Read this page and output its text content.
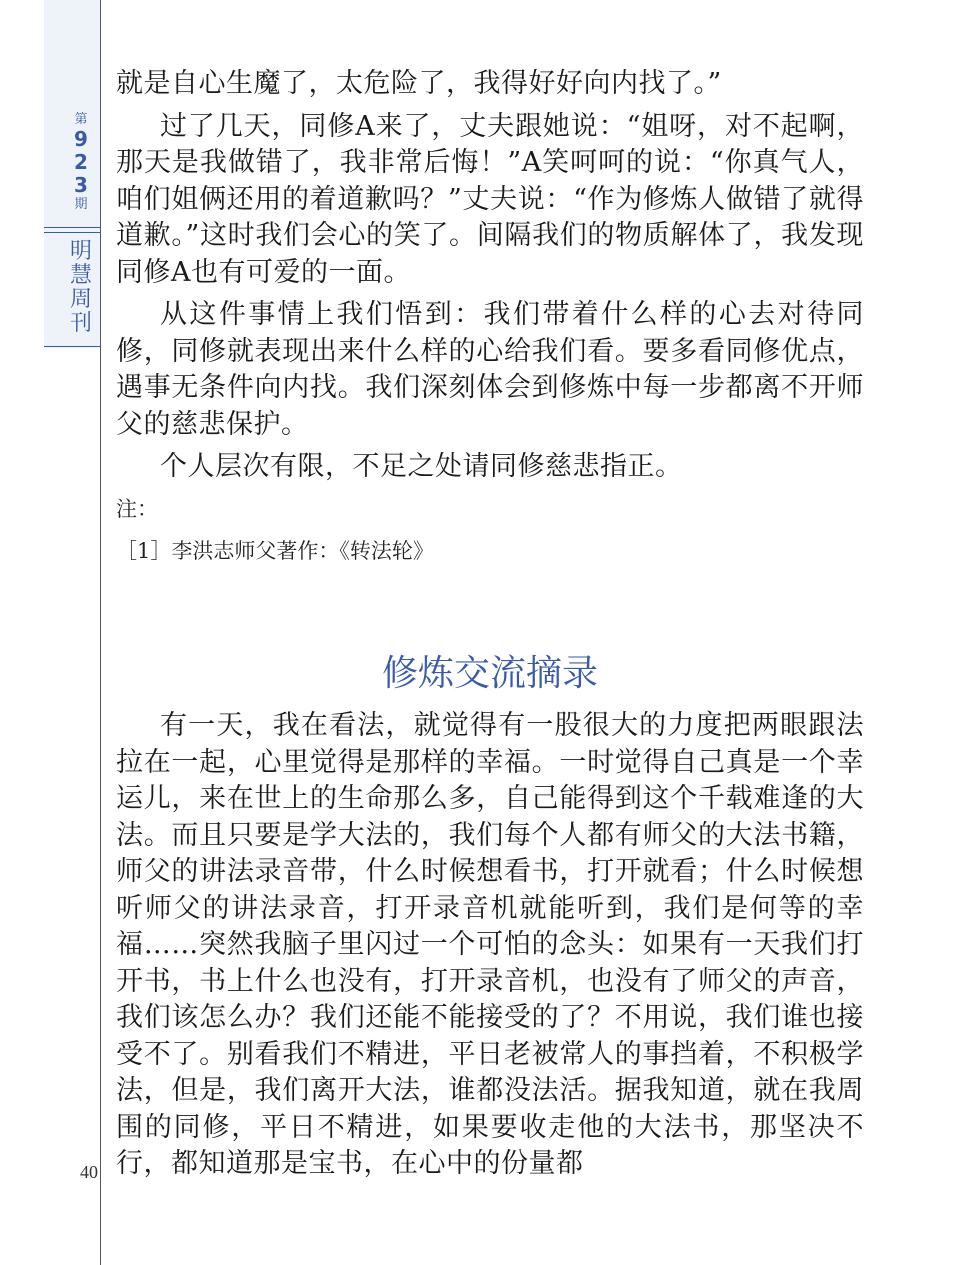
第
9
2
3
期
明
慧
周
刊
40

就是自心生魔了，太危险了，我得好好向内找了。”

过了几天，同修A来了，丈夫跟她说：“姐呀，对不起啊，那天是我做错了，我非常后悔！”A笑呵呵的说：“你真气人，咱们姐俩还用的着道歉吗？”丈夫说：“作为修炼人做错了就得道歉。”这时我们会心的笑了。间隔我们的物质解体了，我发现同修A也有可爱的一面。

从这件事情上我们悟到：我们带着什么样的心去对待同修，同修就表现出来什么样的心给我们看。要多看同修优点，遇事无条件向内找。我们深刻体会到修炼中每一步都离不开师父的慈悲保护。

个人层次有限，不足之处请同修慈悲指正。

注：
［1］李洪志师父著作：《转法轮》
修炼交流摘录

有一天，我在看法，就觉得有一股很大的力度把两眼跟法拉在一起，心里觉得是那样的幸福。一时觉得自己真是一个幸运儿，来在世上的生命那么多，自己能得到这个千载难逢的大法。而且只要是学大法的，我们每个人都有师父的大法书籍，师父的讲法录音带，什么时候想看书，打开就看；什么时候想听师父的讲法录音，打开录音机就能听到，我们是何等的幸福……突然我脑子里闪过一个可怕的念头：如果有一天我们打开书，书上什么也没有，打开录音机，也没有了师父的声音，我们该怎么办？我们还能不能接受的了？不用说，我们谁也接受不了。别看我们不精进，平日老被常人的事挡着，不积极学法，但是，我们离开大法，谁都没法活。据我知道，就在我周围的同修，平日不精进，如果要收走他的大法书，那坚决不行，都知道那是宝书，在心中的份量都
